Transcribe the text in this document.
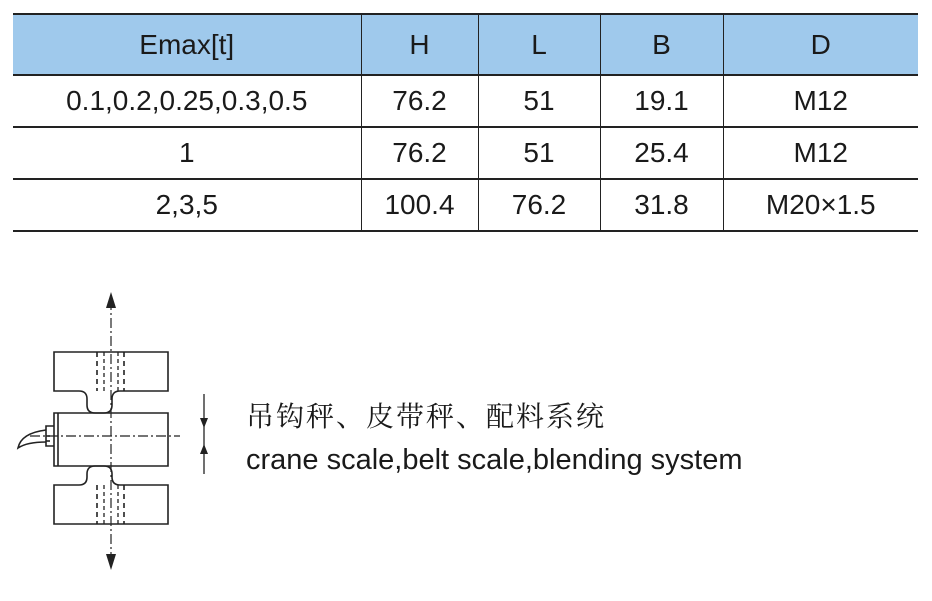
Emax[t]	H	L	B	D
0.1,0.2,0.25,0.3,0.5	76.2	51	19.1	M12
1	76.2	51	25.4	M12
2,3,5	100.4	76.2	31.8	M20×1.5
吊钩秤、皮带秤、配料系统
crane scale,belt scale,blending system
